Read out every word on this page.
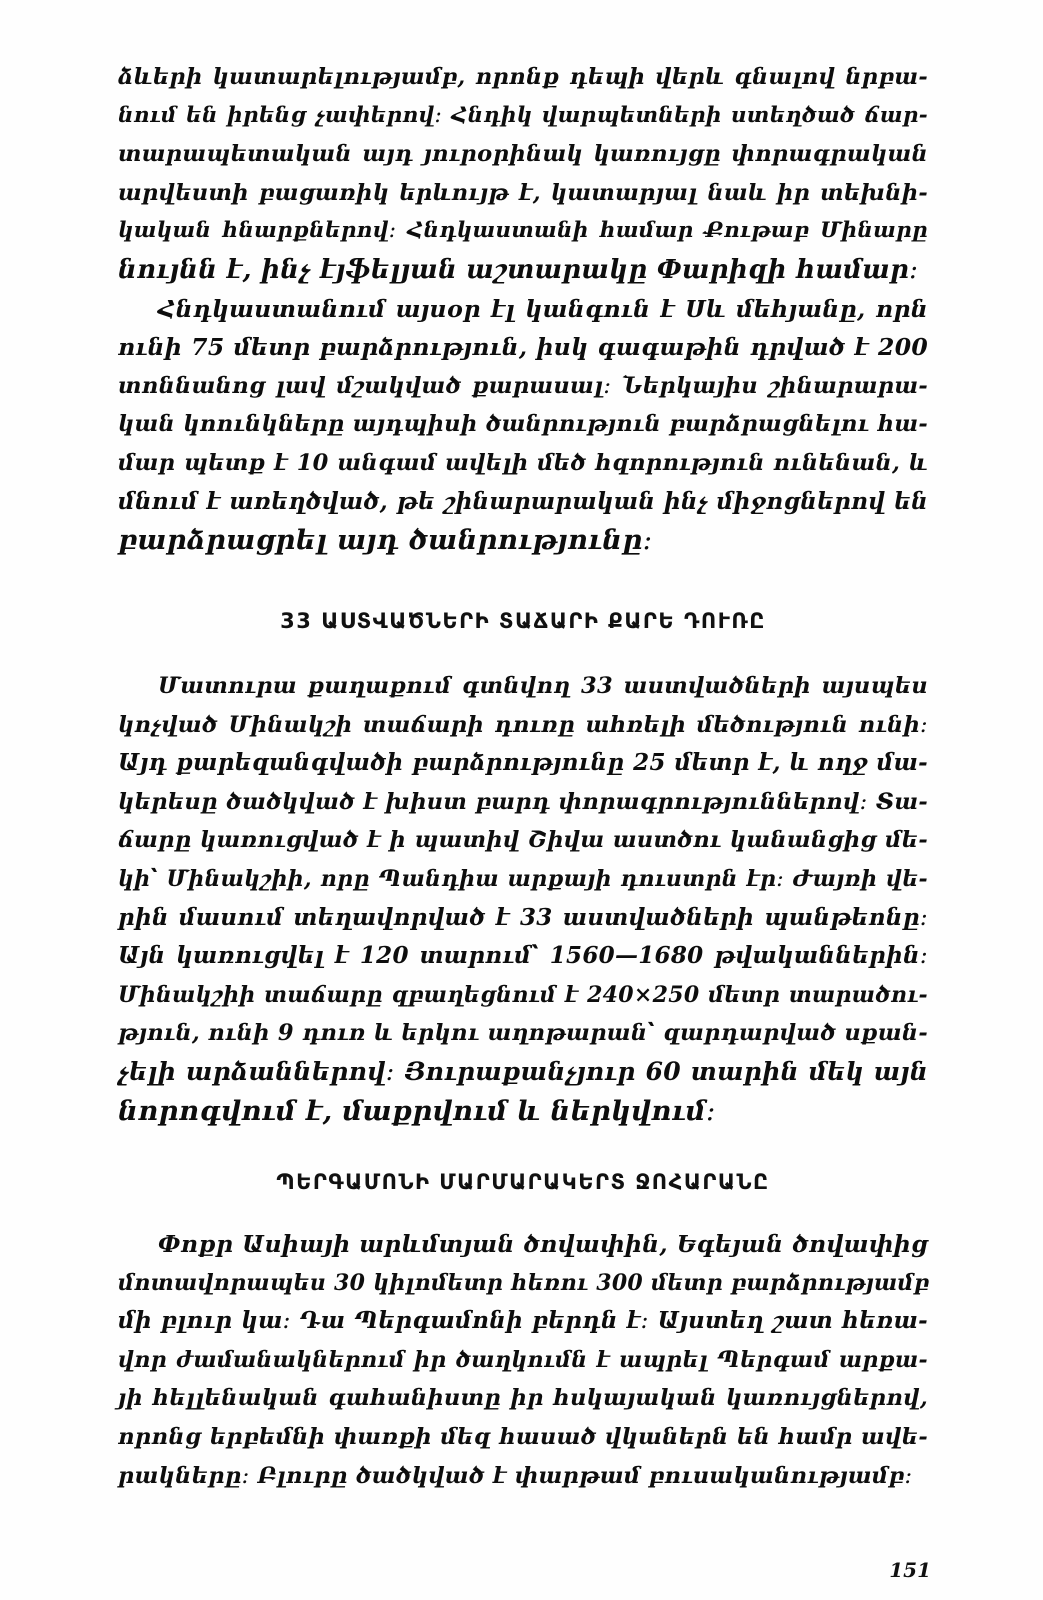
ձևերի կատարելությամբ, որոնք դեպի վերև գնալով նրբա-
նում են իրենց չափերով։ Հնդիկ վարպետների ստեղծած ճար-
տարապետական այդ յուրօրինակ կառույցը փորագրական
արվեստի բացառիկ երևույթ է, կատարյալ նաև իր տեխնի-
կական հնարքներով։ Հնդկաստանի համար Քութաբ Մինարը
նույնն է, ինչ էյֆելյան աշտարակը Փարիզի համար։
Հնդկաստանում այսօր էլ կանգուն է Սև մեհյանը, որն
ունի 75 մետր բարձրություն, իսկ գագաթին դրված է 200
տոննանոց լավ մշակված քարասալ։ Ներկայիս շինարարա-
կան կոունկները այդպիսի ծանրություն բարձրացնելու հա-
մար պետք է 10 անգամ ավելի մեծ հզորություն ունենան, և
մնում է առեղծված, թե շինարարական ինչ միջոցներով են
բարձրացրել այդ ծանրությունը։
33 ԱՍՏՎԱԾՆԵՐԻ ՏԱՃԱՐԻ ՔԱՐԵ ԴՈՒՌԸ
Մատուրա քաղաքում գտնվող 33 աստվածների այսպես
կոչված Մինակշի տաճարի դուռը ահռելի մեծություն ունի։
Այդ քարեզանգվածի բարձրությունը 25 մետր է, և ողջ մա-
կերեսը ծածկված է խիստ բարդ փորագրություններով։ Տա-
ճարը կառուցված է ի պատիվ Շիվա աստծու կանանցից մե-
կի՝ Մինակշիի, որը Պանդիա արքայի դուստրն էր։ Ժայռի վե-
րին մասում տեղավորված է 33 աստվածների պանթեոնը։
Այն կառուցվել է 120 տարում՝ 1560—1680 թվականներին։
Մինակշիի տաճարը զբաղեցնում է 240×250 մետր տարածու-
թյուն, ունի 9 դուռ և երկու աղոթարան՝ զարդարված սքան-
չելի արձաններով։ Յուրաքանչյուր 60 տարին մեկ այն
նորոգվում է, մաքրվում և ներկվում։
ՊԵՐԳԱՄՈՆԻ ՄԱՐՄԱՐԱԿԵՐՏ ՋՈՀԱՐԱՆԸ
Փոքր Ասիայի արևմտյան ծովափին, Եգեյան ծովափից
մոտավորապես 30 կիլոմետր հեռու 300 մետր բարձրությամբ
մի բլուր կա։ Դա Պերգամոնի բերդն է։ Այստեղ շատ հեռա-
վոր ժամանակներում իր ծաղկումն է ապրել Պերգամ արքա-
յի հելլենական գահանիստը իր հսկայական կառույցներով,
որոնց երբեմնի փառքի մեզ հասած վկաներն են համր ավե-
րակները։ Բլուրը ծածկված է փարթամ բուսականությամբ։
151
